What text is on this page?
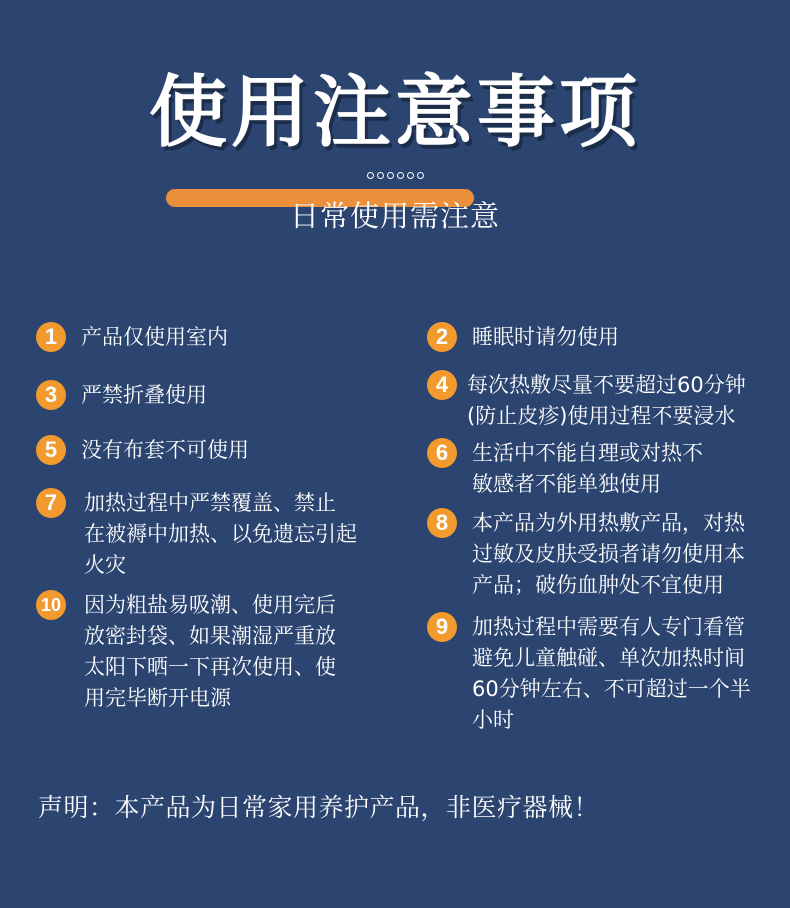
使用注意事项
日常使用需注意
1	产品仅使用室内	2	睡眠时请勿使用
3	严禁折叠使用	4 每次热敷尽量不要超过60分钟
(防止皮疹)使用过程不要浸水
5	没有布套不可使用	6	生活中不能自理或对热不
敏感者不能单独使用
7	加热过程中严禁覆盖、禁止
在被褥中加热、以免遗忘引起
火灾
8	本产品为外用热敷产品，对热
过敏及皮肤受损者请勿使用本
产品；破伤血肿处不宜使用
10 因为粗盐易吸潮、使用完后
放密封袋、如果潮湿严重放
太阳下晒一下再次使用、使
用完毕断开电源
9	加热过程中需要有人专门看管
避免儿童触碰、单次加热时间
60分钟左右、不可超过一个半
小时
声明：本产品为日常家用养护产品，非医疗器械！
